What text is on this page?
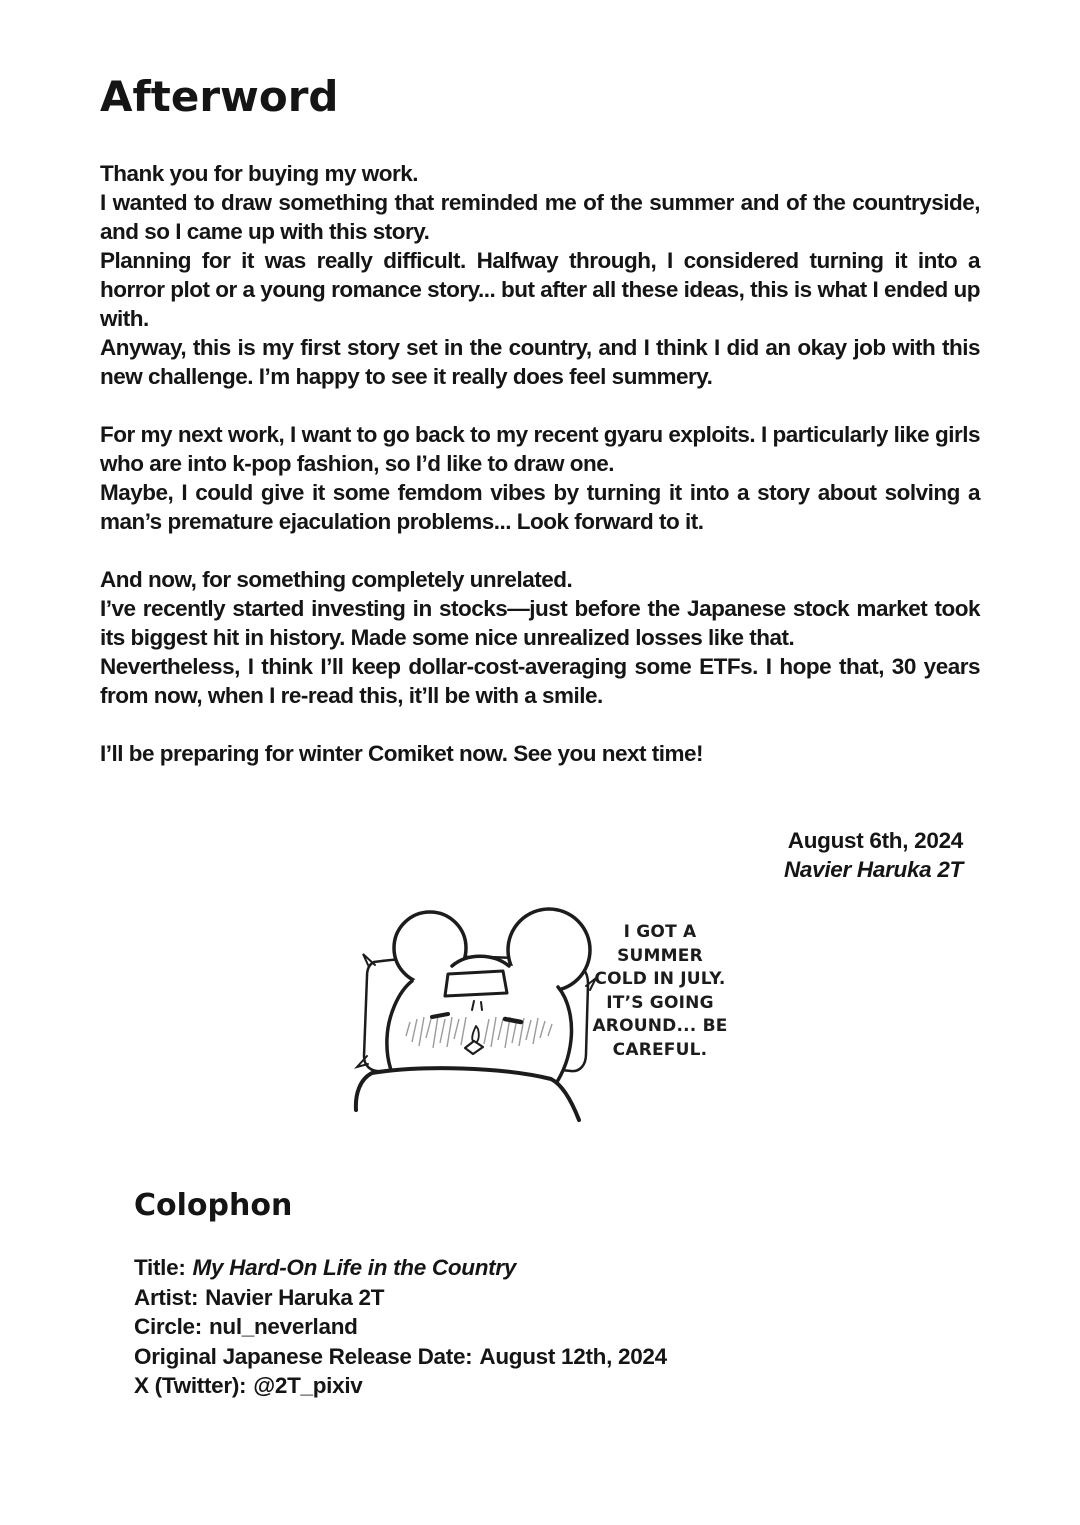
Afterword

Thank you for buying my work.

I wanted to draw something that reminded me of the summer and of the countryside, and so I came up with this story.

Planning for it was really difficult. Halfway through, I considered turning it into a horror plot or a young romance story... but after all these ideas, this is what I ended up with.

Anyway, this is my first story set in the country, and I think I did an okay job with this new challenge. I’m happy to see it really does feel summery.

For my next work, I want to go back to my recent gyaru exploits. I particularly like girls who are into k-pop fashion, so I’d like to draw one.

Maybe, I could give it some femdom vibes by turning it into a story about solving a man’s premature ejaculation problems... Look forward to it.

And now, for something completely unrelated.

I’ve recently started investing in stocks—just before the Japanese stock market took its biggest hit in history. Made some nice unrealized losses like that.

Nevertheless, I think I’ll keep dollar-cost-averaging some ETFs. I hope that, 30 years from now, when I re-read this, it’ll be with a smile.

I’ll be preparing for winter Comiket now. See you next time!

August 6th, 2024
Navier Haruka 2T
I GOT A
SUMMER
COLD IN JULY.
IT’S GOING
AROUND... BE
CAREFUL.
Colophon
Title: My Hard-On Life in the Country
Artist: Navier Haruka 2T
Circle: nul_neverland
Original Japanese Release Date: August 12th, 2024
X (Twitter): @2T_pixiv
